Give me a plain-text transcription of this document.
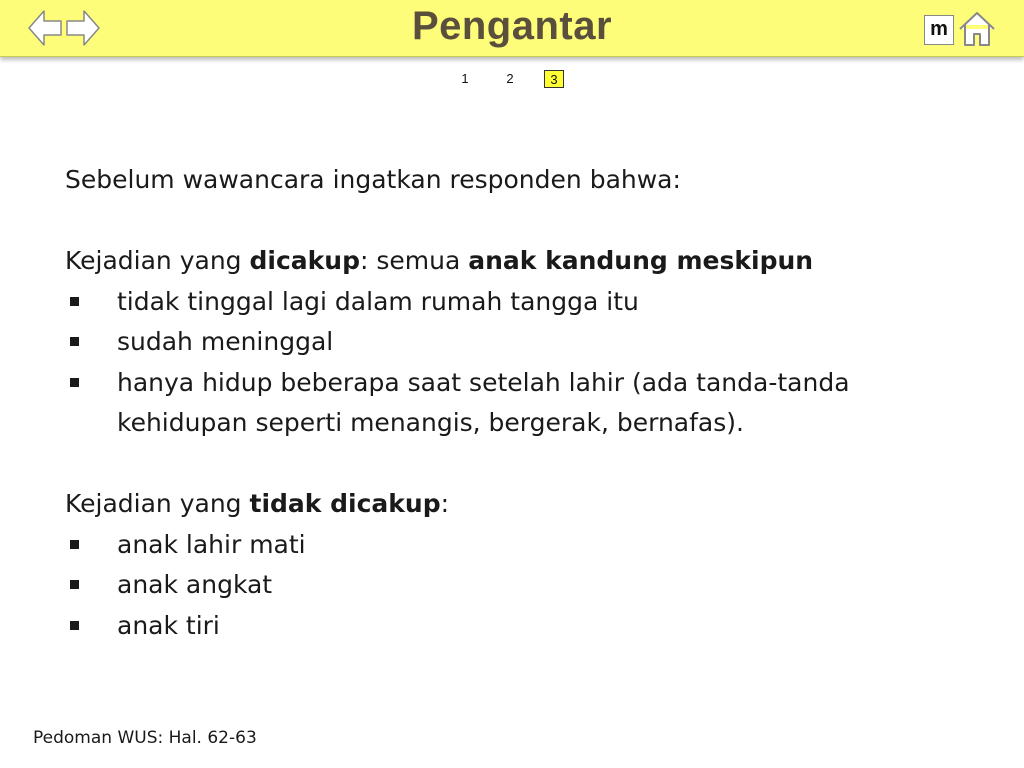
Pengantar	m
1	2	3

Sebelum wawancara ingatkan responden bahwa:

Kejadian yang dicakup: semua anak kandung meskipun

tidak tinggal lagi dalam rumah tangga itu
sudah meninggal
hanya hidup beberapa saat setelah lahir (ada tanda-tanda kehidupan seperti menangis, bergerak, bernafas).

Kejadian yang tidak dicakup:

anak lahir mati
anak angkat
anak tiri
Pedoman WUS: Hal. 62-63
